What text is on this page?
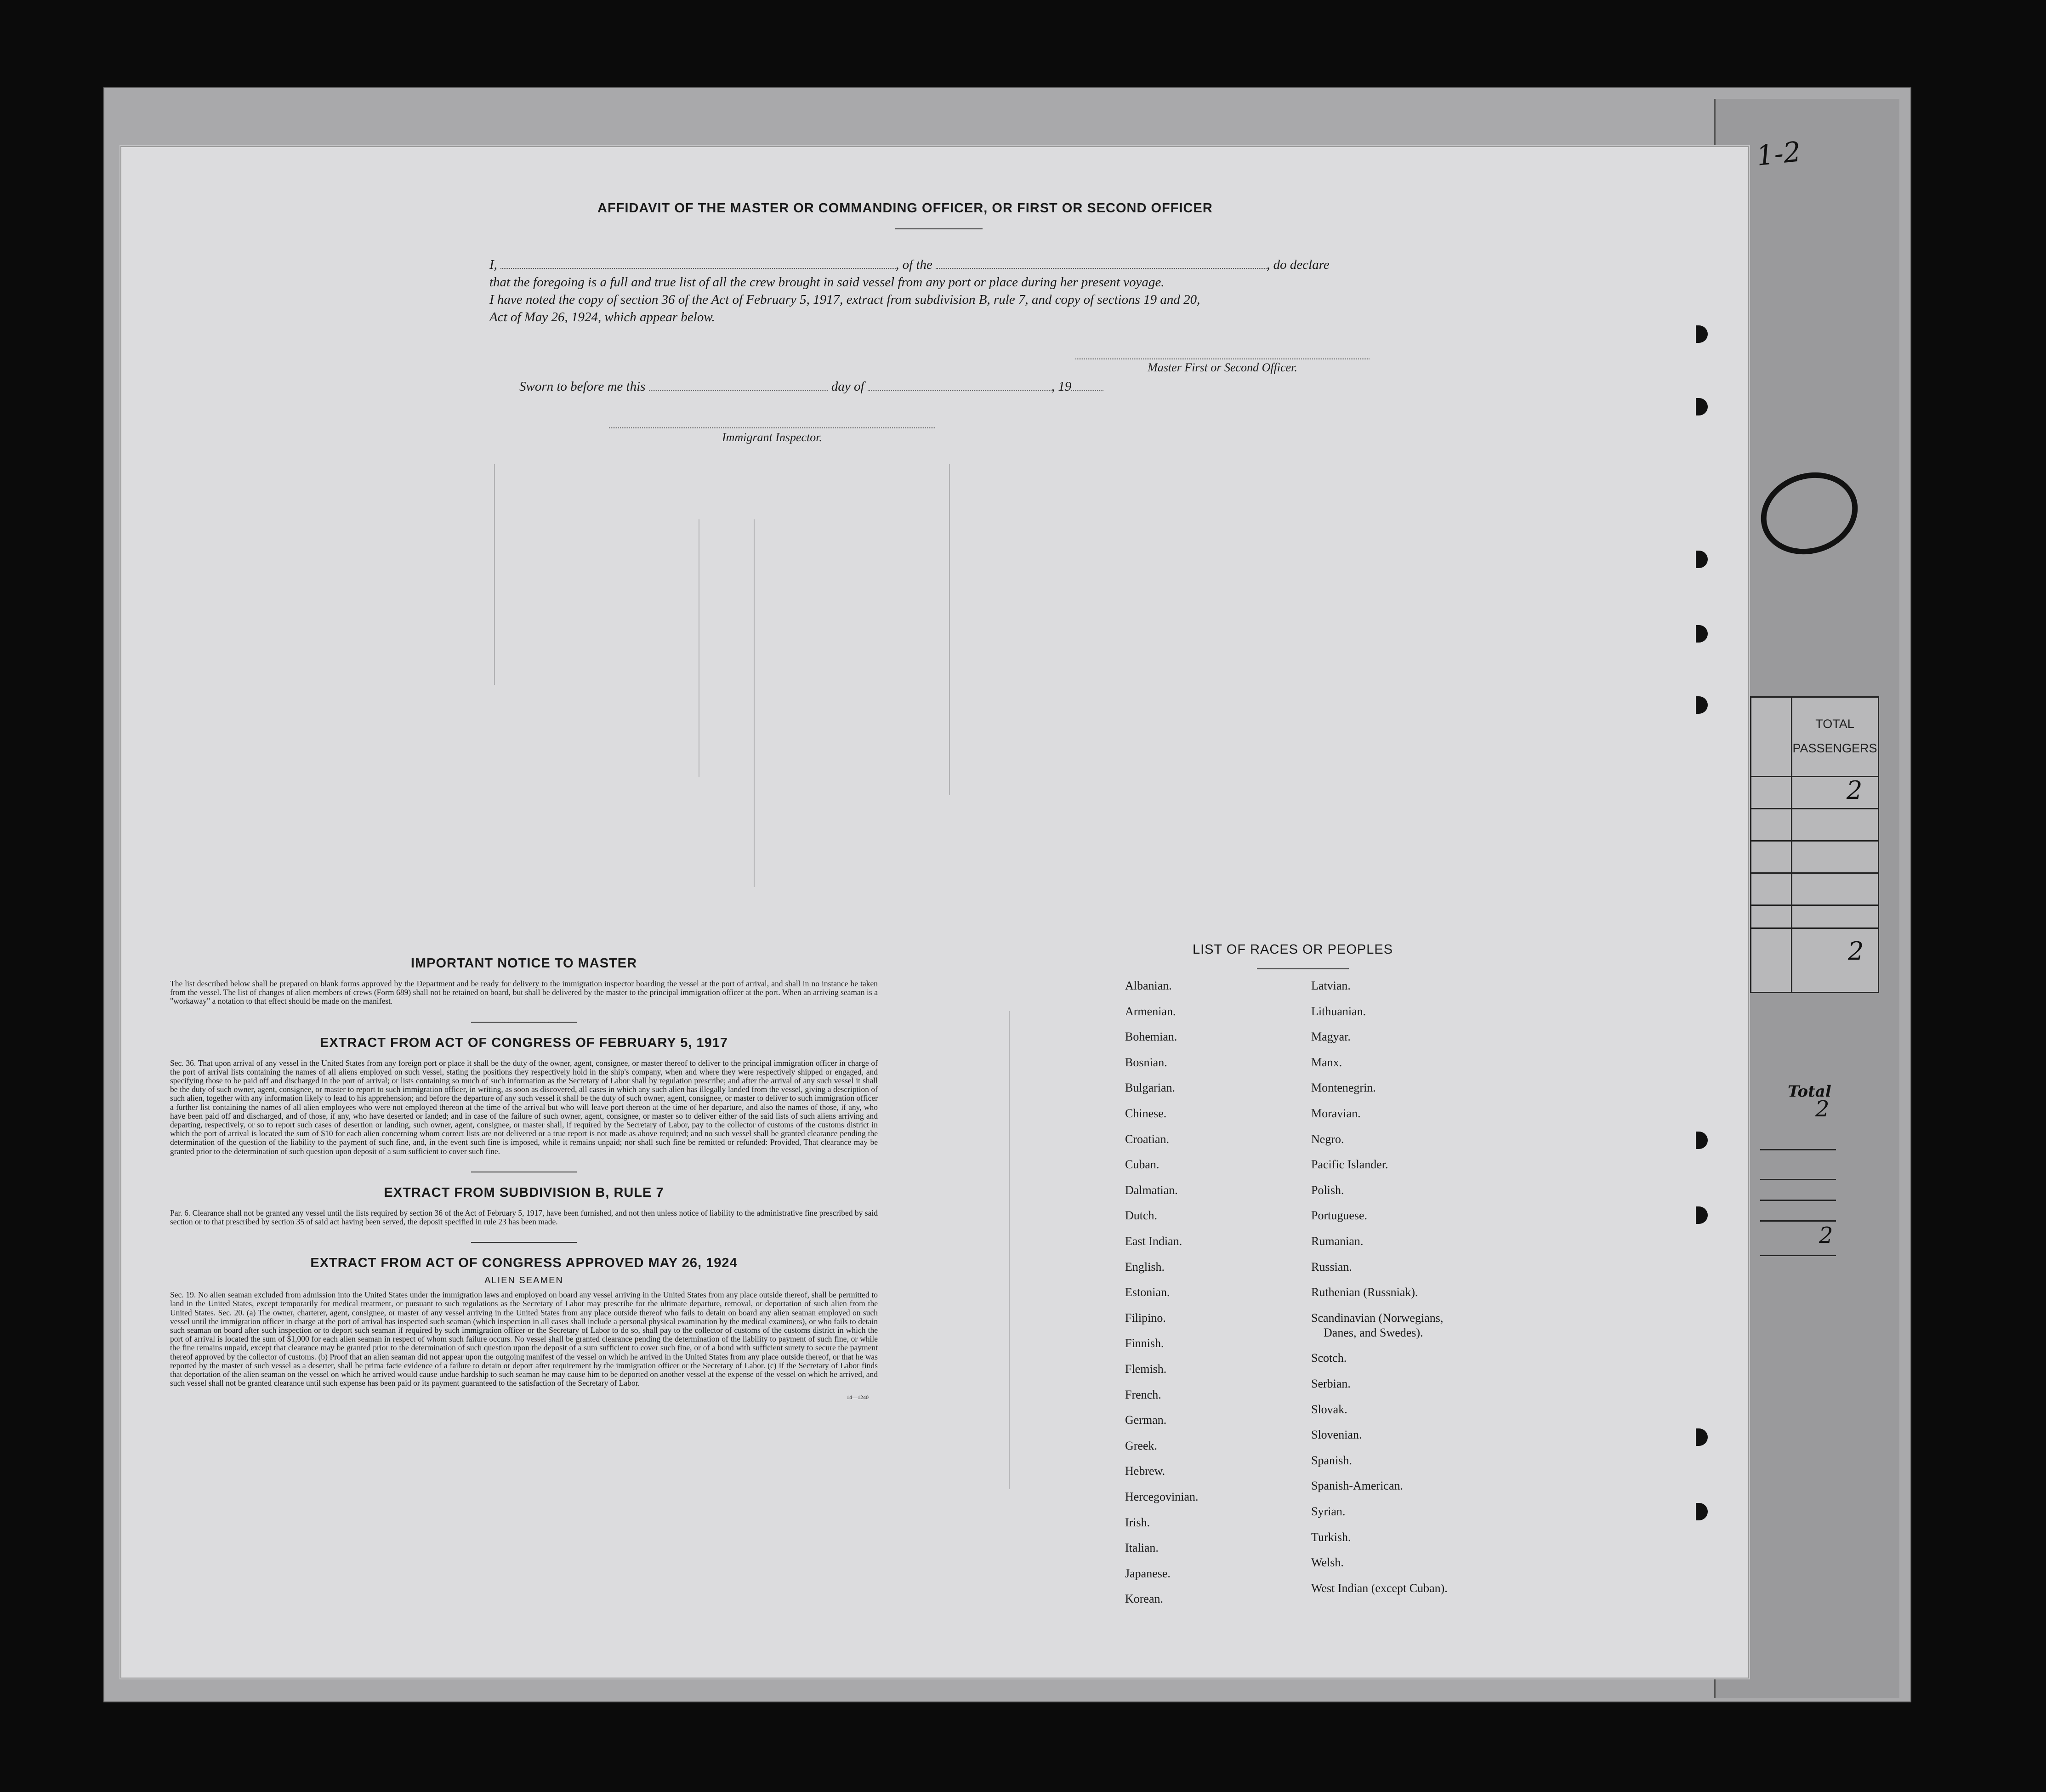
1-2
TOTAL
PASSENGERS
2
2
Total
2
2
AFFIDAVIT OF THE MASTER OR COMMANDING OFFICER, OR FIRST OR SECOND OFFICER
I,	, of the	, do declare
that the foregoing is a full and true list of all the crew brought in said vessel from any port or place during her present voyage.
I have noted the copy of section 36 of the Act of February 5, 1917, extract from subdivision B, rule 7, and copy of sections 19 and 20,
Act of May 26, 1924, which appear below.
Master First or Second Officer.
Sworn to before me this	day of	, 19
Immigrant Inspector.
IMPORTANT NOTICE TO MASTER

The list described below shall be prepared on blank forms approved by the Department and be ready for delivery to the immigration inspector boarding the vessel at the port of arrival, and shall in no instance be taken from the vessel. The list of changes of alien members of crews (Form 689) shall not be retained on board, but shall be delivered by the master to the principal immigration officer at the port. When an arriving seaman is a "workaway" a notation to that effect should be made on the manifest.

EXTRACT FROM ACT OF CONGRESS OF FEBRUARY 5, 1917

Sec. 36. That upon arrival of any vessel in the United States from any foreign port or place it shall be the duty of the owner, agent, consignee, or master thereof to deliver to the principal immigration officer in charge of the port of arrival lists containing the names of all aliens employed on such vessel, stating the positions they respectively hold in the ship's company, when and where they were respectively shipped or engaged, and specifying those to be paid off and discharged in the port of arrival; or lists containing so much of such information as the Secretary of Labor shall by regulation prescribe; and after the arrival of any such vessel it shall be the duty of such owner, agent, consignee, or master to report to such immigration officer, in writing, as soon as discovered, all cases in which any such alien has illegally landed from the vessel, giving a description of such alien, together with any information likely to lead to his apprehension; and before the departure of any such vessel it shall be the duty of such owner, agent, consignee, or master to deliver to such immigration officer a further list containing the names of all alien employees who were not employed thereon at the time of the arrival but who will leave port thereon at the time of her departure, and also the names of those, if any, who have been paid off and discharged, and of those, if any, who have deserted or landed; and in case of the failure of such owner, agent, consignee, or master so to deliver either of the said lists of such aliens arriving and departing, respectively, or so to report such cases of desertion or landing, such owner, agent, consignee, or master shall, if required by the Secretary of Labor, pay to the collector of customs of the customs district in which the port of arrival is located the sum of $10 for each alien concerning whom correct lists are not delivered or a true report is not made as above required; and no such vessel shall be granted clearance pending the determination of the question of the liability to the payment of such fine, and, in the event such fine is imposed, while it remains unpaid; nor shall such fine be remitted or refunded: Provided, That clearance may be granted prior to the determination of such question upon deposit of a sum sufficient to cover such fine.

EXTRACT FROM SUBDIVISION B, RULE 7

Par. 6. Clearance shall not be granted any vessel until the lists required by section 36 of the Act of February 5, 1917, have been furnished, and not then unless notice of liability to the administrative fine prescribed by said section or to that prescribed by section 35 of said act having been served, the deposit specified in rule 23 has been made.

EXTRACT FROM ACT OF CONGRESS APPROVED MAY 26, 1924

ALIEN SEAMEN

Sec. 19. No alien seaman excluded from admission into the United States under the immigration laws and employed on board any vessel arriving in the United States from any place outside thereof, shall be permitted to land in the United States, except temporarily for medical treatment, or pursuant to such regulations as the Secretary of Labor may prescribe for the ultimate departure, removal, or deportation of such alien from the United States. Sec. 20. (a) The owner, charterer, agent, consignee, or master of any vessel arriving in the United States from any place outside thereof who fails to detain on board any alien seaman employed on such vessel until the immigration officer in charge at the port of arrival has inspected such seaman (which inspection in all cases shall include a personal physical examination by the medical examiners), or who fails to detain such seaman on board after such inspection or to deport such seaman if required by such immigration officer or the Secretary of Labor to do so, shall pay to the collector of customs of the customs district in which the port of arrival is located the sum of $1,000 for each alien seaman in respect of whom such failure occurs. No vessel shall be granted clearance pending the determination of the liability to payment of such fine, or while the fine remains unpaid, except that clearance may be granted prior to the determination of such question upon the deposit of a sum sufficient to cover such fine, or of a bond with sufficient surety to secure the payment thereof approved by the collector of customs. (b) Proof that an alien seaman did not appear upon the outgoing manifest of the vessel on which he arrived in the United States from any place outside thereof, or that he was reported by the master of such vessel as a deserter, shall be prima facie evidence of a failure to detain or deport after requirement by the immigration officer or the Secretary of Labor. (c) If the Secretary of Labor finds that deportation of the alien seaman on the vessel on which he arrived would cause undue hardship to such seaman he may cause him to be deported on another vessel at the expense of the vessel on which he arrived, and such vessel shall not be granted clearance until such expense has been paid or its payment guaranteed to the satisfaction of the Secretary of Labor.

14—1240
LIST OF RACES OR PEOPLES
Albanian.
Armenian.
Bohemian.
Bosnian.
Bulgarian.
Chinese.
Croatian.
Cuban.
Dalmatian.
Dutch.
East Indian.
English.
Estonian.
Filipino.
Finnish.
Flemish.
French.
German.
Greek.
Hebrew.
Hercegovinian.
Irish.
Italian.
Japanese.
Korean.
Latvian.
Lithuanian.
Magyar.
Manx.
Montenegrin.
Moravian.
Negro.
Pacific Islander.
Polish.
Portuguese.
Rumanian.
Russian.
Ruthenian (Russniak).
Scandinavian (Norwegians,
Danes, and Swedes).
Scotch.
Serbian.
Slovak.
Slovenian.
Spanish.
Spanish-American.
Syrian.
Turkish.
Welsh.
West Indian (except Cuban).
